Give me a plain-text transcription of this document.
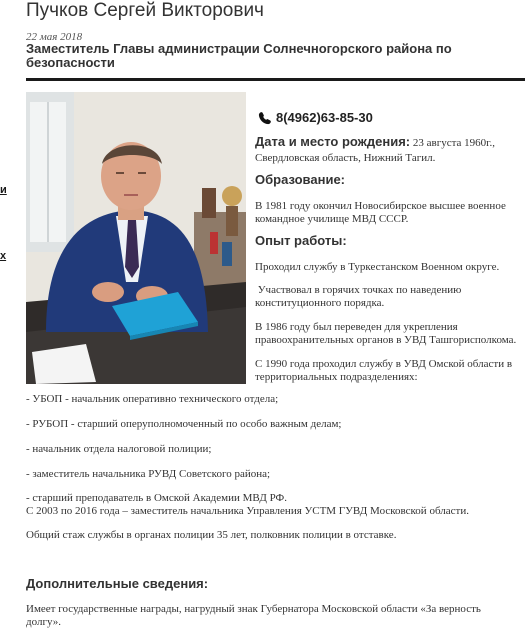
Пучков Сергей Викторович
22 мая 2018
Заместитель Главы администрации Солнечногорского района по безопасности
и
х
8(4962)63-85-30
Дата и место рождения: 23 августа 1960г., Свердловская область, Нижний Тагил.
Образование:
В 1981 году окончил Новосибирское высшее военное командное училище МВД СССР.
Опыт работы:
Проходил службу в Туркестанском Военном округе.
Участвовал в горячих точках по наведению конституционного порядка.
В 1986 году был переведен для укрепления правоохранительных органов в УВД Ташгорисполкома.
С 1990 года проходил службу в УВД Омской области в территориальных подразделениях:
- УБОП - начальник оперативно технического отдела;
- РУБОП - старший оперуполномоченный по особо важным делам;
- начальник отдела налоговой полиции;
- заместитель начальника РУВД Советского района;
- старший преподаватель в Омской Академии МВД РФ.
С 2003 по 2016 года – заместитель начальника Управления УСТМ ГУВД Московской области.
Общий стаж службы в органах полиции 35 лет, полковник полиции в отставке.
Дополнительные сведения:
Имеет государственные награды, нагрудный знак Губернатора Московской области «За верность долгу».
